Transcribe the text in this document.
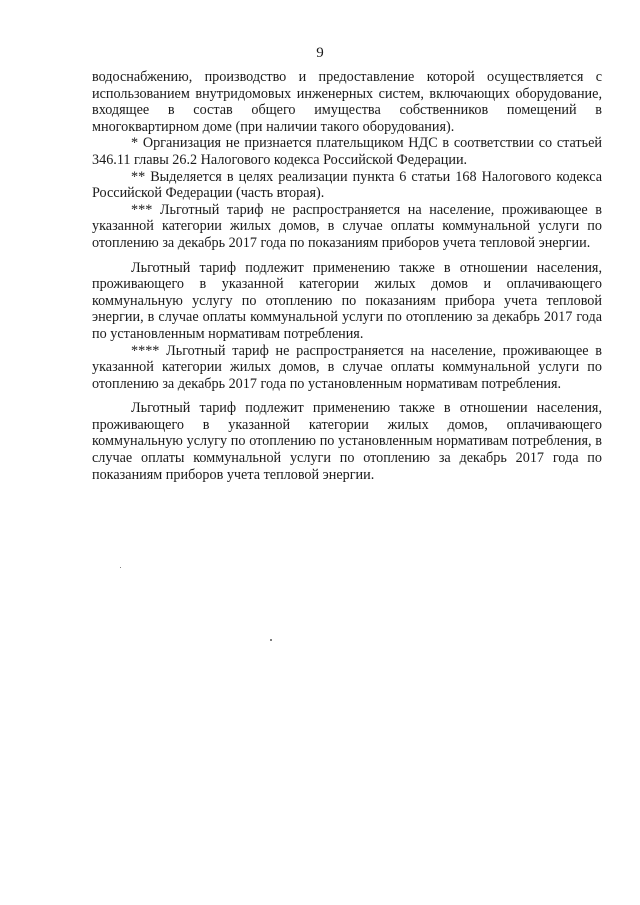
9

водоснабжению, производство и предоставление которой осуществляется с использованием внутридомовых инженерных систем, включающих оборудование, входящее в состав общего имущества собственников помещений в многоквартирном доме (при наличии такого оборудования).

* Организация не признается плательщиком НДС в соответствии со статьей 346.11 главы 26.2 Налогового кодекса Российской Федерации.

** Выделяется в целях реализации пункта 6 статьи 168 Налогового кодекса Российской Федерации (часть вторая).

*** Льготный тариф не распространяется на население, проживающее в указанной категории жилых домов, в случае оплаты коммунальной услуги по отоплению за декабрь 2017 года по показаниям приборов учета тепловой энергии.

Льготный тариф подлежит применению также в отношении населения, проживающего в указанной категории жилых домов и оплачивающего коммунальную услугу по отоплению по показаниям прибора учета тепловой энергии, в случае оплаты коммунальной услуги по отоплению за декабрь 2017 года по установленным нормативам потребления.

**** Льготный тариф не распространяется на население, проживающее в указанной категории жилых домов, в случае оплаты коммунальной услуги по отоплению за декабрь 2017 года по установленным нормативам потребления.

Льготный тариф подлежит применению также в отношении населения, проживающего в указанной категории жилых домов, оплачивающего коммунальную услугу по отоплению по установленным нормативам потребления, в случае оплаты коммунальной услуги по отоплению за декабрь 2017 года по показаниям приборов учета тепловой энергии.
